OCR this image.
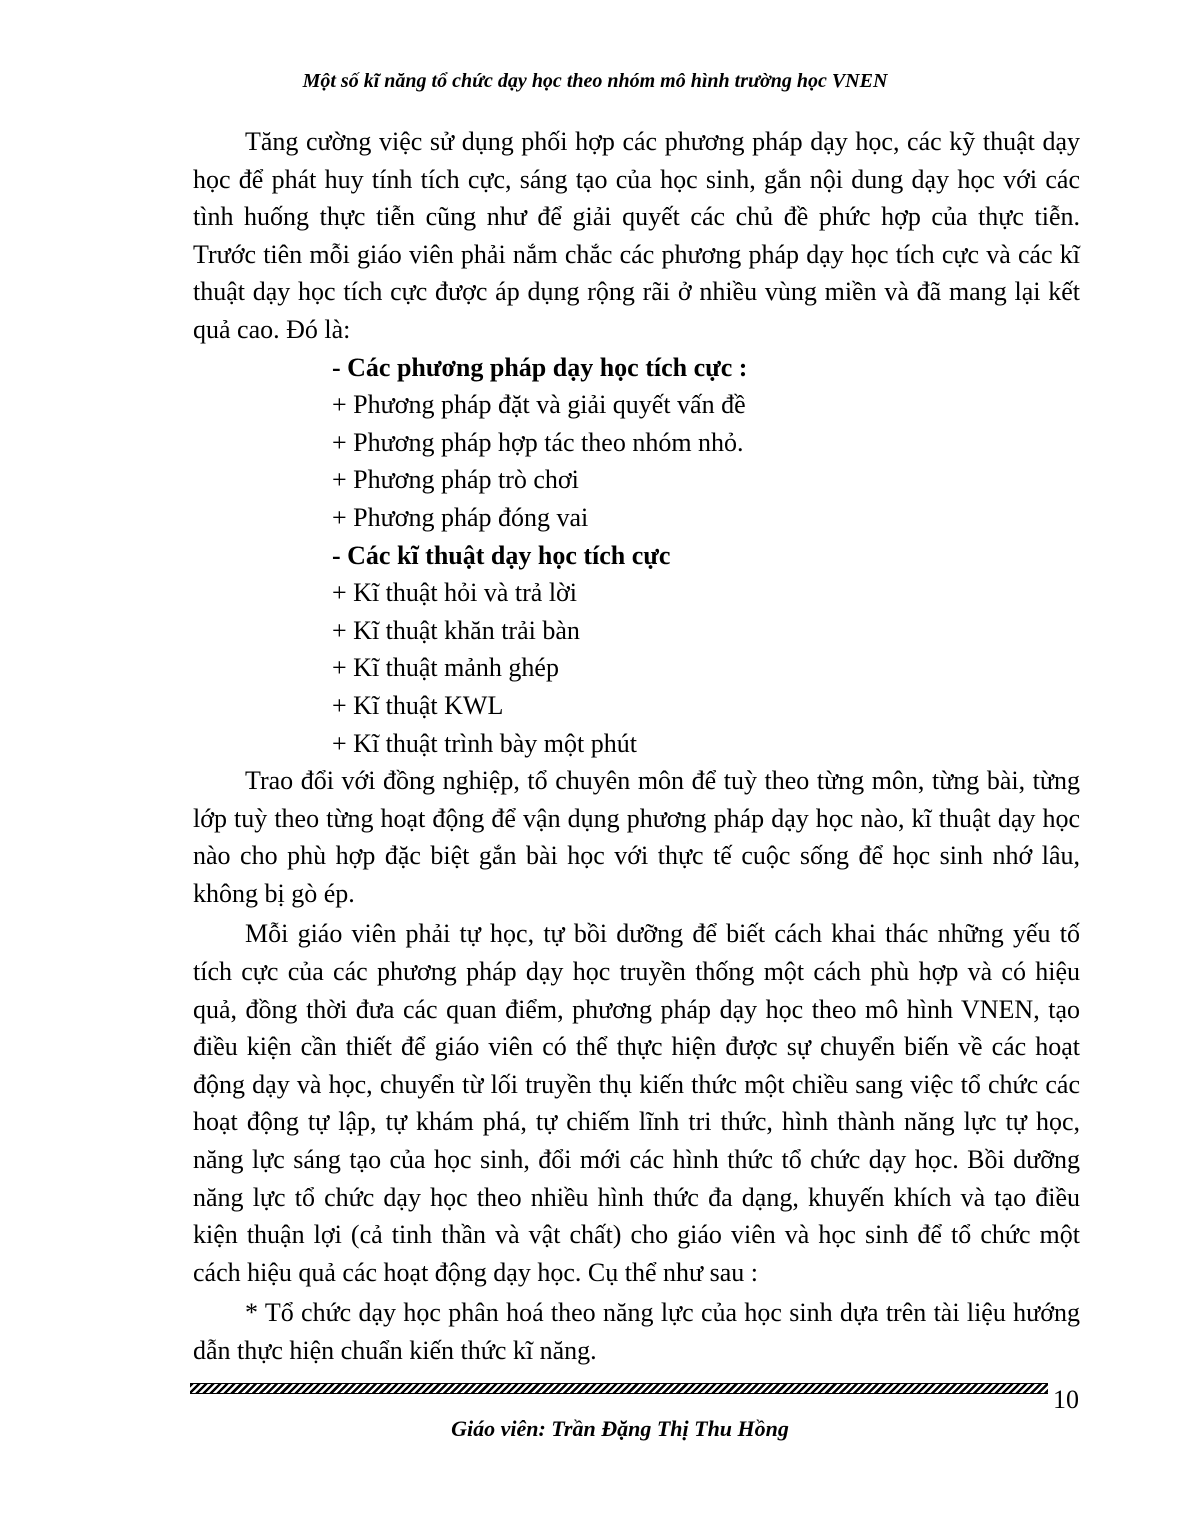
Một số kĩ năng tổ chức dạy học theo nhóm mô hình trường học VNEN

Tăng cường việc sử dụng phối hợp các phương pháp dạy học, các kỹ thuật dạy học để phát huy tính tích cực, sáng tạo của học sinh, gắn nội dung dạy học với các tình huống thực tiễn cũng như để giải quyết các chủ đề phức hợp của thực tiễn. Trước tiên mỗi giáo viên phải nắm chắc các phương pháp dạy học tích cực và các kĩ thuật dạy học tích cực được áp dụng rộng rãi ở nhiều vùng miền và đã mang lại kết quả cao. Đó là:

- Các phương pháp dạy học tích cực :

+ Phương pháp đặt và giải quyết vấn đề

+ Phương pháp hợp tác theo nhóm nhỏ.

+ Phương pháp trò chơi

+ Phương pháp đóng vai

- Các kĩ thuật dạy học tích cực

+ Kĩ thuật hỏi và trả lời

+ Kĩ thuật khăn trải bàn

+ Kĩ thuật mảnh ghép

+ Kĩ thuật KWL

+ Kĩ thuật trình bày một phút

Trao đổi với đồng nghiệp, tổ chuyên môn để tuỳ theo từng môn, từng bài, từng lớp tuỳ theo từng hoạt động để vận dụng phương pháp dạy học nào, kĩ thuật dạy học nào cho phù hợp đặc biệt gắn bài học với thực tế cuộc sống để học sinh nhớ lâu, không bị gò ép.

Mỗi giáo viên phải tự học, tự bồi dưỡng để biết cách khai thác những yếu tố tích cực của các phương pháp dạy học truyền thống một cách phù hợp và có hiệu quả, đồng thời đưa các quan điểm, phương pháp dạy học theo mô hình VNEN, tạo điều kiện cần thiết để giáo viên có thể thực hiện được sự chuyển biến về các hoạt động dạy và học, chuyển từ lối truyền thụ kiến thức một chiều sang việc tổ chức các hoạt động tự lập, tự khám phá, tự chiếm lĩnh tri thức, hình thành năng lực tự học, năng lực sáng tạo của học sinh, đổi mới các hình thức tổ chức dạy học. Bồi dưỡng năng lực tổ chức dạy học theo nhiều hình thức đa dạng, khuyến khích và tạo điều kiện thuận lợi (cả tinh thần và vật chất) cho giáo viên và học sinh để tổ chức một cách hiệu quả các hoạt động dạy học. Cụ thể như sau :

* Tổ chức dạy học phân hoá theo năng lực của học sinh dựa trên tài liệu hướng dẫn thực hiện chuẩn kiến thức kĩ năng.

10
Giáo viên: Trần Đặng Thị Thu Hồng
